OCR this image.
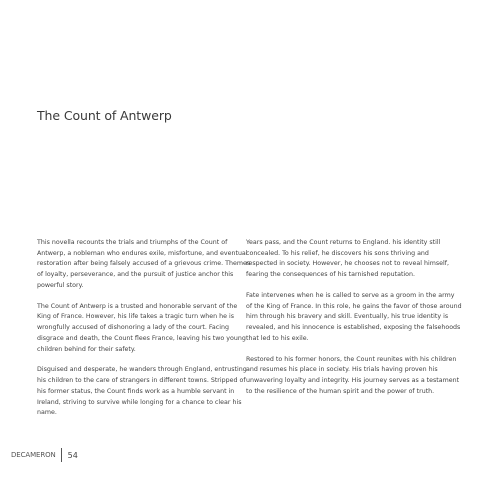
The Count of Antwerp

This novella recounts the trials and triumphs of the Count of Antwerp, a nobleman who endures exile, misfortune, and eventual restoration after being falsely accused of a grievous crime. Themes of loyalty, perseverance, and the pursuit of justice anchor this powerful story.

The Count of Antwerp is a trusted and honorable servant of the King of France. However, his life takes a tragic turn when he is wrongfully accused of dishonoring a lady of the court. Facing disgrace and death, the Count flees France, leaving his two young children behind for their safety.

Disguised and desperate, he wanders through England, entrusting his children to the care of strangers in different towns. Stripped of his former status, the Count finds work as a humble servant in Ireland, striving to survive while longing for a chance to clear his name.

Years pass, and the Count returns to England. his identity still concealed. To his relief, he discovers his sons thriving and respected in society. However, he chooses not to reveal himself, fearing the consequences of his tarnished reputation.

Fate intervenes when he is called to serve as a groom in the army of the King of France. In this role, he gains the favor of those around him through his bravery and skill. Eventually, his true identity is revealed, and his innocence is established, exposing the falsehoods that led to his exile.

Restored to his former honors, the Count reunites with his children and resumes his place in society. His trials having proven his unwavering loyalty and integrity. His journey serves as a testament to the resilience of the human spirit and the power of truth.

DECAMERON 54
